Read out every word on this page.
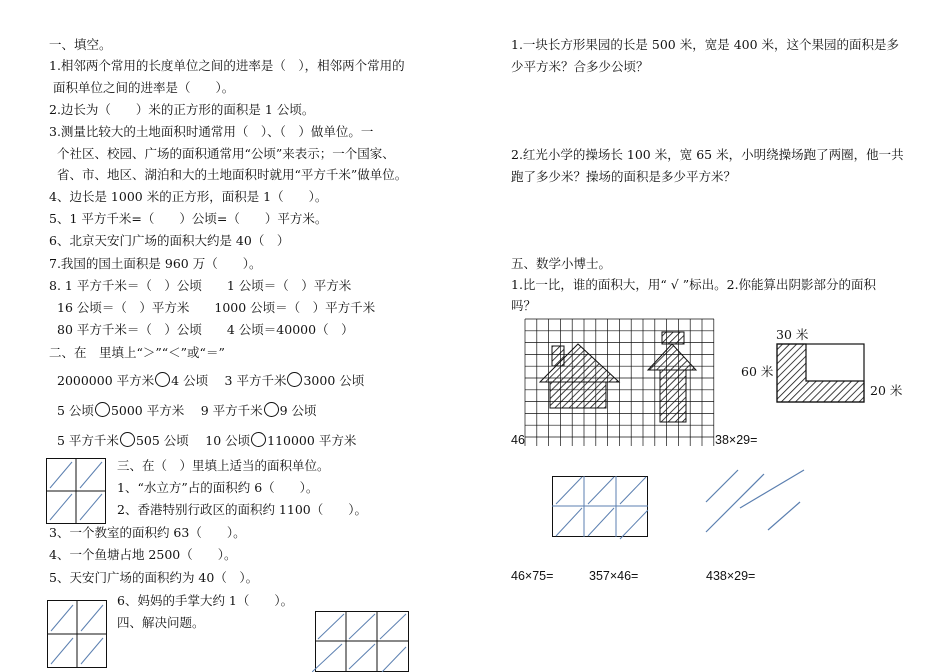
一、填空。
1.相邻两个常用的长度单位之间的进率是（　），相邻两个常用的
面积单位之间的进率是（　　）。
2.边长为（　　）米的正方形的面积是 1 公顷。
3.测量比较大的土地面积时通常用（　）、（　）做单位。一
个社区、校园、广场的面积通常用“公顷”来表示；一个国家、
省、市、地区、湖泊和大的土地面积时就用“平方千米”做单位。
4、边长是 1000 米的正方形，面积是 1（　　）。
5、1 平方千米=（　　）公顷=（　　）平方米。
6、北京天安门广场的面积大约是 40（　）
7.我国的国土面积是 960 万（　　）。
8. 1 平方千米＝（　）公顷　　1 公顷＝（　）平方米
16 公顷＝（　）平方米　　1000 公顷＝（　）平方千米
80 平方千米＝（　）公顷　　4 公顷＝40000（　）
二、在　里填上“＞”“＜”或“＝”
2000000 平方米 4 公顷　 3 平方千米 3000 公顷
5 公顷 5000 平方米　 9 平方千米 9 公顷
5 平方千米 505 公顷　 10 公顷 110000 平方米
三、在（　）里填上适当的面积单位。
1、“水立方”占的面积约 6（　　）。
2、香港特别行政区的面积约 1100（　　）。
3、一个教室的面积约 63（　　）。
4、一个鱼塘占地 2500（　　）。
5、天安门广场的面积约为 40（　）。
6、妈妈的手掌大约 1（　　）。
四、解决问题。
1.一块长方形果园的长是 500 米，宽是 400 米，这个果园的面积是多
少平方米？合多少公顷？
2.红光小学的操场长 100 米，宽 65 米，小明绕操场跑了两圈，他一共
跑了多少米？操场的面积是多少平方米？
五、数学小博士。
1.比一比，谁的面积大，用“ √ ”标出。2.你能算出阴影部分的面积
吗？
30 米
60 米
20 米
46	38×29=
46×75=	357×46=	438×29=
